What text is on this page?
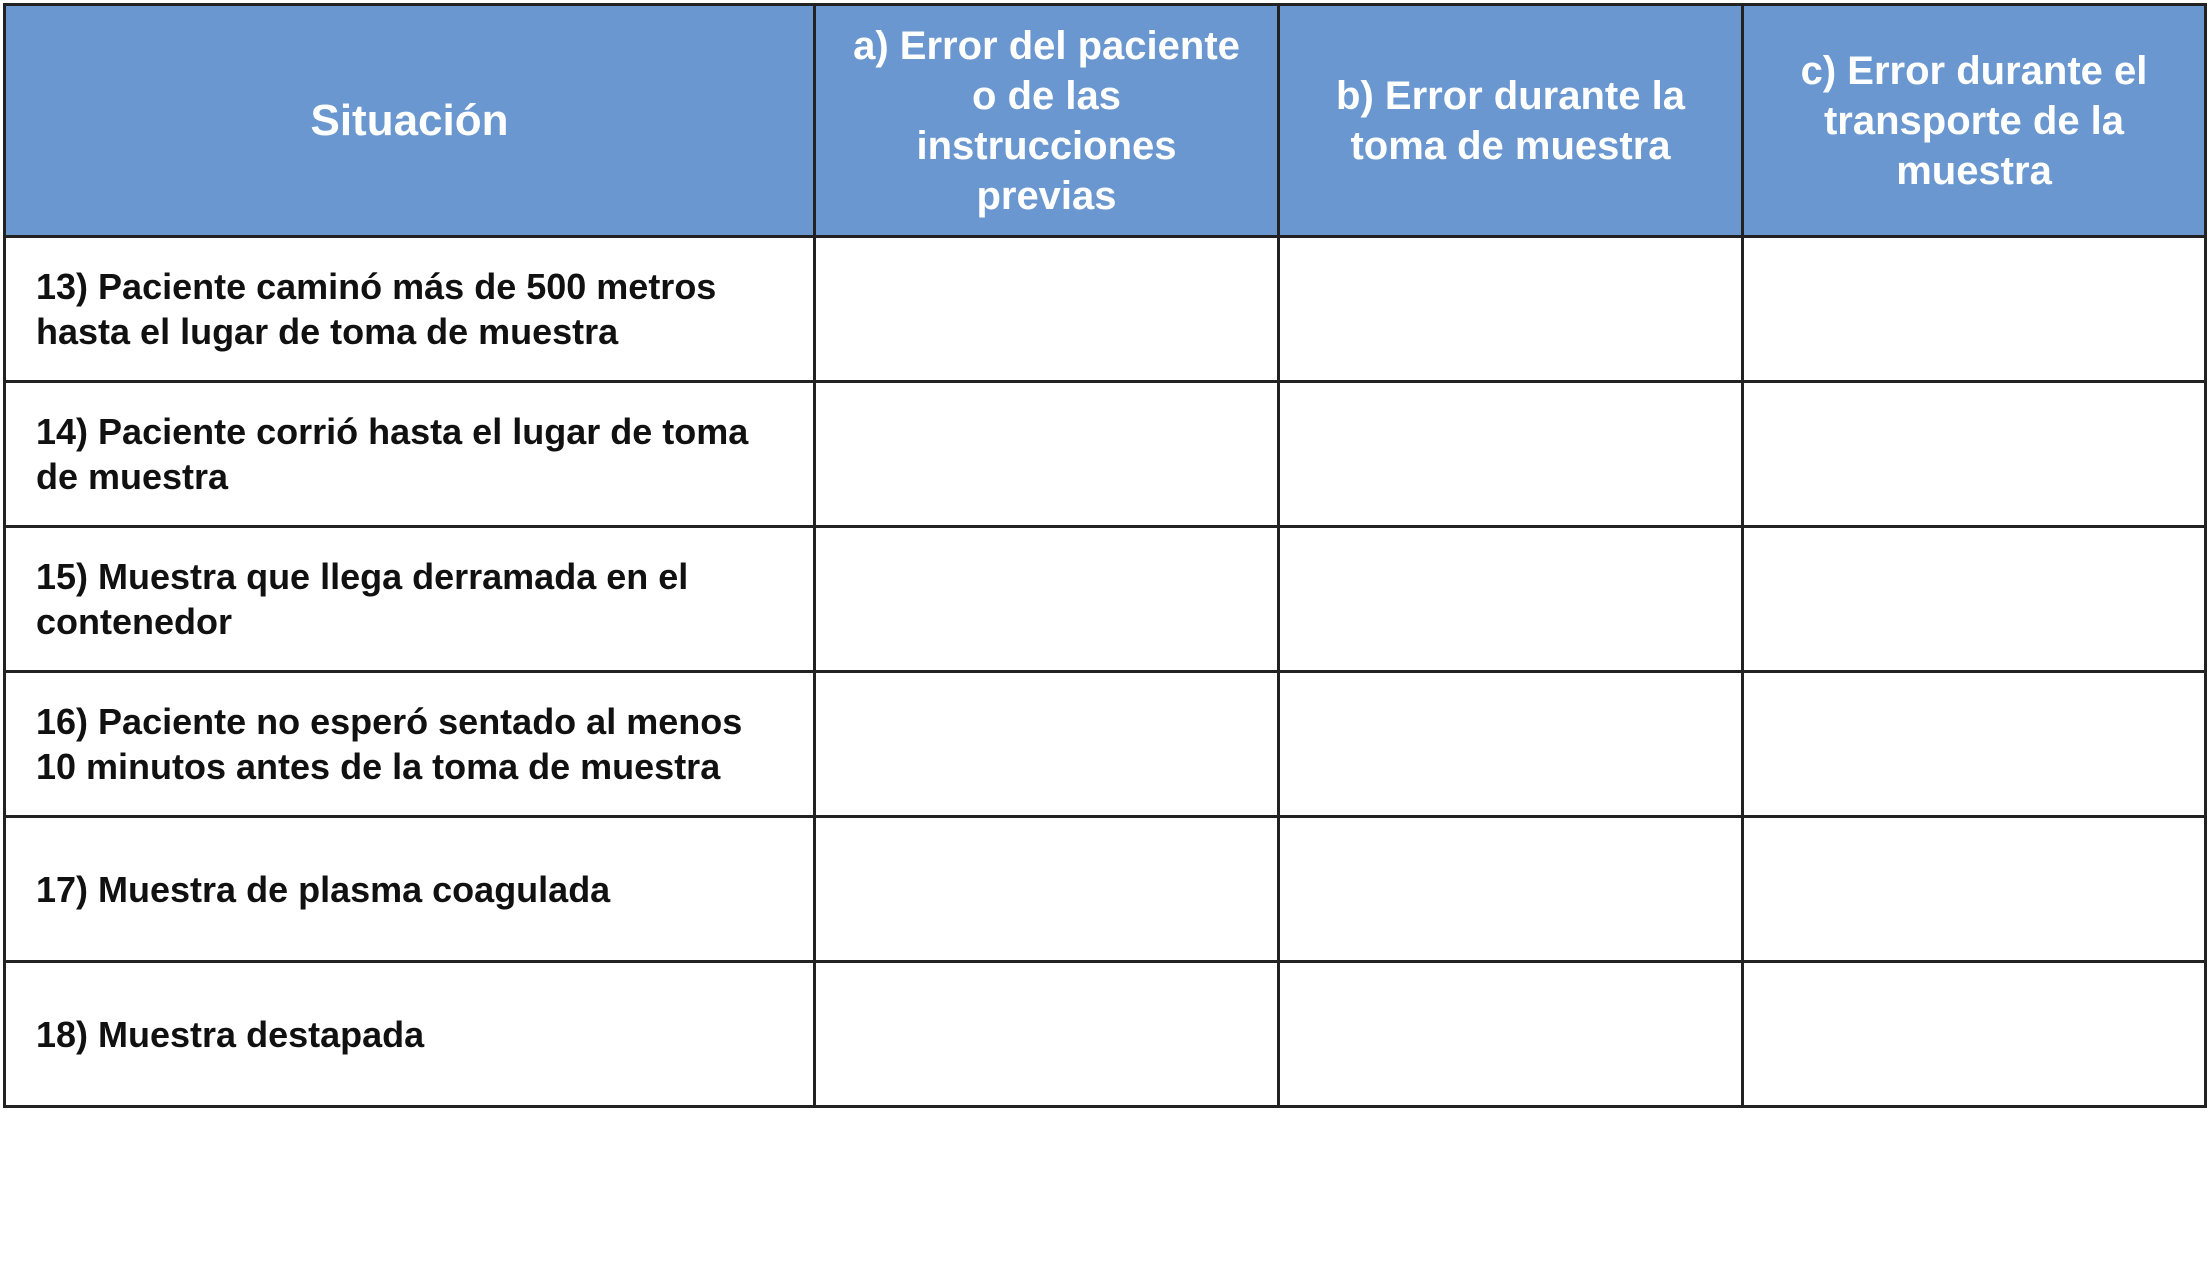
Situación	a) Error del paciente o de las instrucciones previas	b) Error durante la toma de muestra	c) Error durante el transporte de la muestra
13) Paciente caminó más de 500 metros hasta el lugar de toma de muestra			
14) Paciente corrió hasta el lugar de toma de muestra			
15) Muestra que llega derramada en el contenedor			
16) Paciente no esperó sentado al menos 10 minutos antes de la toma de muestra			
17) Muestra de plasma coagulada			
18) Muestra destapada			
